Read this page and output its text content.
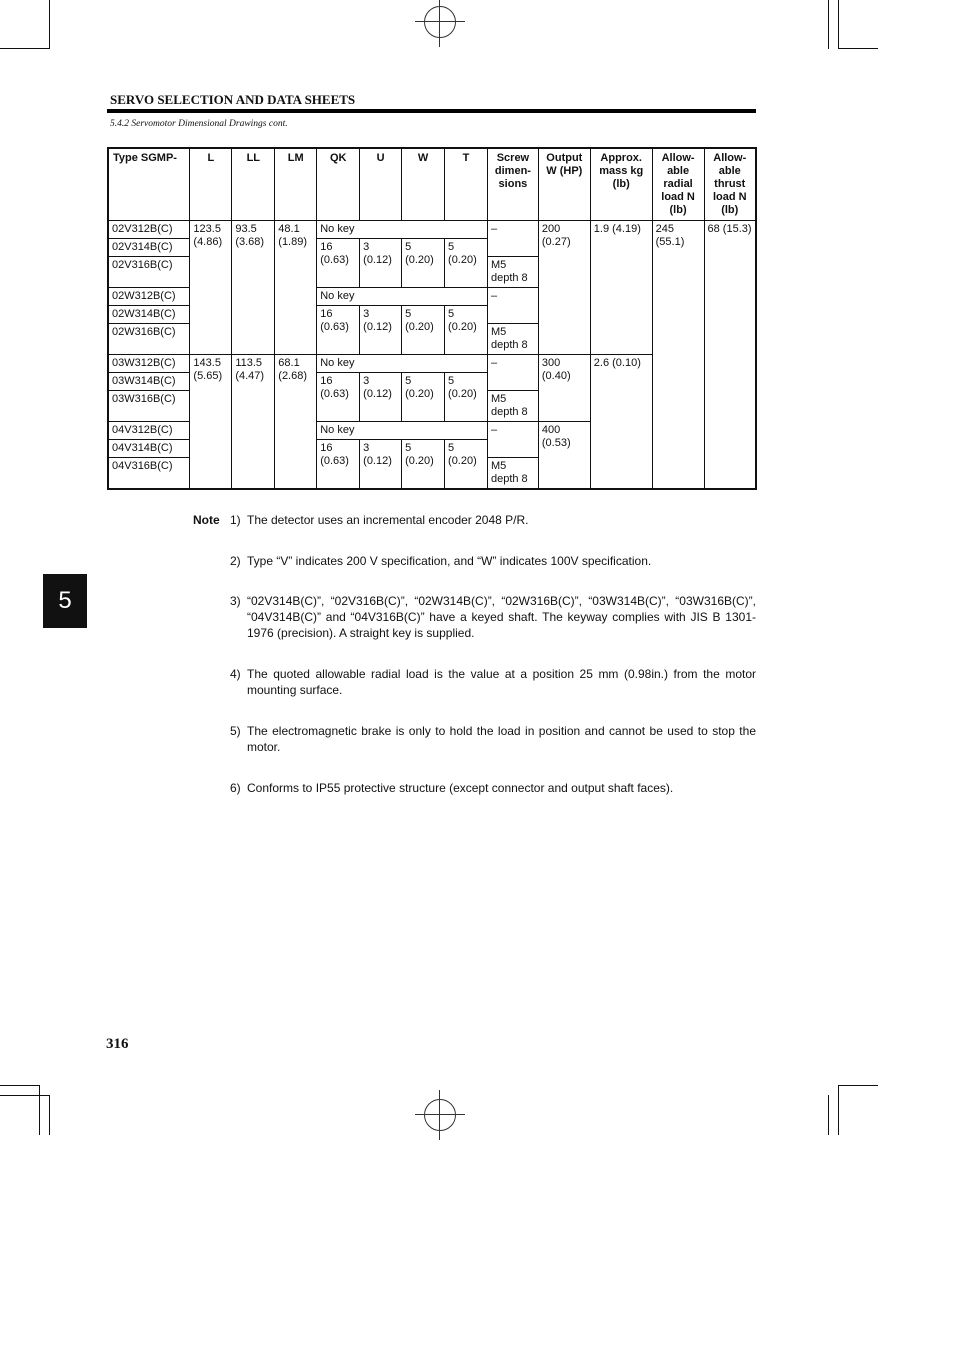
SERVO SELECTION AND DATA SHEETS
5.4.2 Servomotor Dimensional Drawings cont.
Type SGMP-	L	LL	LM	QK	U	W	T	Screw dimen- sions	Output W (HP)	Approx. mass kg (lb)	Allow- able radial load N (lb)	Allow- able thrust load N (lb)
02V312B(C)	123.5 (4.86)	93.5 (3.68)	48.1 (1.89)	No key				–	200 (0.27)	1.9 (4.19)	245 (55.1)	68 (15.3)
02V314B(C)				16 (0.63)	3 (0.12)	5 (0.20)	5 (0.20)					
02V316B(C)								M5 depth 8				
02W312B(C)				No key				–				
02W314B(C)				16 (0.63)	3 (0.12)	5 (0.20)	5 (0.20)					
02W316B(C)								M5 depth 8				
03W312B(C)	143.5 (5.65)	113.5 (4.47)	68.1 (2.68)	No key				–	300 (0.40)	2.6 (0.10)		
03W314B(C)				16 (0.63)	3 (0.12)	5 (0.20)	5 (0.20)					
03W316B(C)								M5 depth 8				
04V312B(C)				No key				–	400 (0.53)			
04V314B(C)				16 (0.63)	3 (0.12)	5 (0.20)	5 (0.20)					
04V316B(C)								M5 depth 8				
5
Note 1) The detector uses an incremental encoder 2048 P/R.
2) Type “V” indicates 200 V specification, and “W” indicates 100V specification.
3) “02V314B(C)”, “02V316B(C)”, “02W314B(C)”, “02W316B(C)”, “03W314B(C)”, “03W316B(C)”, “04V314B(C)” and “04V316B(C)” have a keyed shaft. The keyway complies with JIS B 1301-1976 (precision). A straight key is supplied.
4) The quoted allowable radial load is the value at a position 25 mm (0.98in.) from the motor mounting surface.
5) The electromagnetic brake is only to hold the load in position and cannot be used to stop the motor.
6) Conforms to IP55 protective structure (except connector and output shaft faces).
316
